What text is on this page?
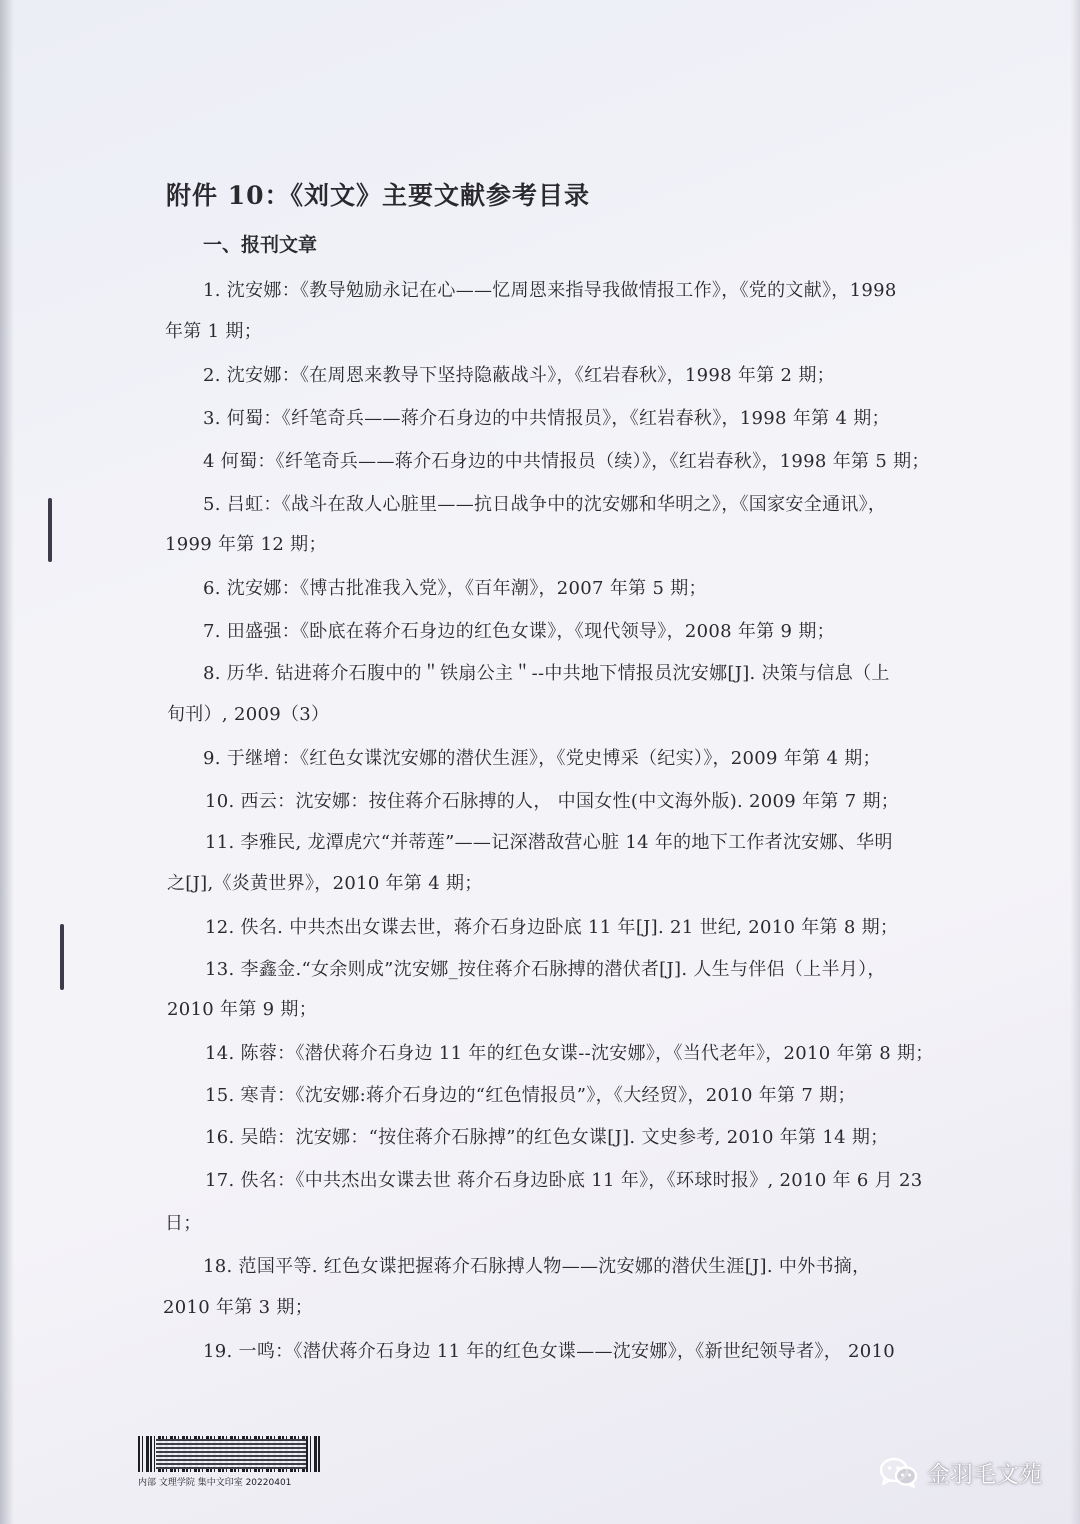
附件 10：《刘文》主要文献参考目录
一、报刊文章
1. 沈安娜：《教导勉励永记在心——忆周恩来指导我做情报工作》，《党的文献》，1998
年第 1 期；
2. 沈安娜：《在周恩来教导下坚持隐蔽战斗》，《红岩春秋》，1998 年第 2 期；
3. 何蜀：《纤笔奇兵——蒋介石身边的中共情报员》，《红岩春秋》，1998 年第 4 期；
4 何蜀：《纤笔奇兵——蒋介石身边的中共情报员（续）》，《红岩春秋》，1998 年第 5 期；
5. 吕虹：《战斗在敌人心脏里——抗日战争中的沈安娜和华明之》，《国家安全通讯》，
1999 年第 12 期；
6. 沈安娜：《博古批准我入党》，《百年潮》，2007 年第 5 期；
7. 田盛强：《卧底在蒋介石身边的红色女谍》，《现代领导》，2008 年第 9 期；
8. 历华. 钻进蒋介石腹中的＂铁扇公主＂--中共地下情报员沈安娜[J]. 决策与信息（上
旬刊）, 2009（3）
9. 于继增：《红色女谍沈安娜的潜伏生涯》，《党史博采（纪实）》，2009 年第 4 期；
10. 西云：沈安娜：按住蒋介石脉搏的人， 中国女性(中文海外版). 2009 年第 7 期；
11. 李雅民, 龙潭虎穴“并蒂莲”——记深潜敌营心脏 14 年的地下工作者沈安娜、华明
之[J],《炎黄世界》，2010 年第 4 期；
12. 佚名. 中共杰出女谍去世，蒋介石身边卧底 11 年[J]. 21 世纪, 2010 年第 8 期；
13. 李鑫金.“女余则成”沈安娜_按住蒋介石脉搏的潜伏者[J]. 人生与伴侣（上半月），
2010 年第 9 期；
14. 陈蓉：《潜伏蒋介石身边 11 年的红色女谍--沈安娜》，《当代老年》，2010 年第 8 期；
15. 寒青：《沈安娜:蒋介石身边的“红色情报员”》，《大经贸》，2010 年第 7 期；
16. 吴皓：沈安娜：“按住蒋介石脉搏”的红色女谍[J]. 文史参考, 2010 年第 14 期；
17. 佚名：《中共杰出女谍去世 蒋介石身边卧底 11 年》，《环球时报》, 2010 年 6 月 23
日；
18. 范国平等. 红色女谍把握蒋介石脉搏人物——沈安娜的潜伏生涯[J]. 中外书摘，
2010 年第 3 期；
19. 一鸣：《潜伏蒋介石身边 11 年的红色女谍——沈安娜》，《新世纪领导者》， 2010
内部 文理学院 集中文印室 20220401	金羽毛文苑
